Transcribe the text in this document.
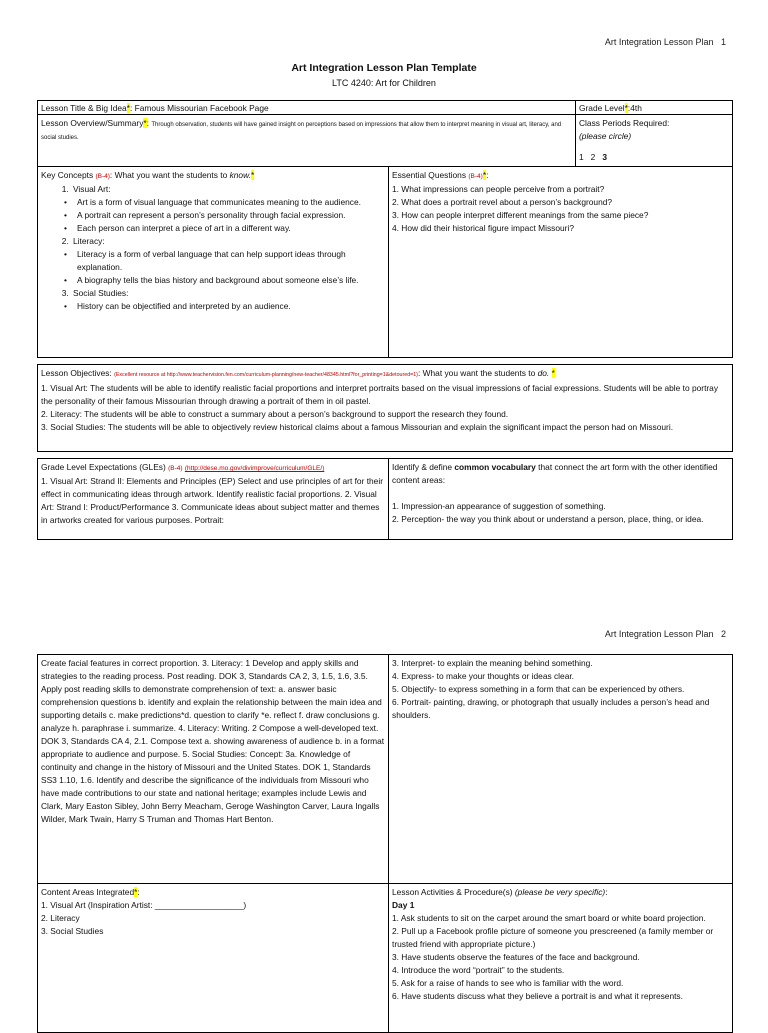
Art Integration Lesson Plan 1
Art Integration Lesson Plan Template
LTC 4240: Art for Children
Lesson Title & Big Idea*: Famous Missourian Facebook Page	Grade Level*:4th
Lesson Overview/Summary*: Through observation, students will have gained insight on perceptions based on impressions that allow them to interpret meaning in visual art, literacy, and social studies.

Class Periods Required:

(please circle)

1 2 3

Key Concepts (B-4): What you want the students to know.*

1. Visual Art:
• Art is a form of visual language that communicates meaning to the audience.
• A portrait can represent a person’s personality through facial expression.
• Each person can interpret a piece of art in a different way.
2. Literacy:
• Literacy is a form of verbal language that can help support ideas through explanation.
• A biography tells the bias history and background about someone else’s life.
3. Social Studies:
• History can be objectified and interpreted by an audience.

Essential Questions (B-4)*:

1. What impressions can people perceive from a portrait?

2. What does a portrait revel about a person’s background?

3. How can people interpret different meanings from the same piece?

4. How did their historical figure impact Missouri?

Lesson Objectives: (Excellent resource at http://www.teachervision.fen.com/curriculum-planning/new-teacher/48345.html?for_printing=1&detoured=1): What you want the students to do. *

1. Visual Art: The students will be able to identify realistic facial proportions and interpret portraits based on the visual impressions of facial expressions. Students will be able to portray the personality of their famous Missourian through drawing a portrait of them in oil pastel.

2. Literacy: The students will be able to construct a summary about a person’s background to support the research they found.

3. Social Studies: The students will be able to objectively review historical claims about a famous Missourian and explain the significant impact the person had on Missouri.

Grade Level Expectations (GLEs) (B-4) (http://dese.mo.gov/divimprove/curriculum/GLE/)

1. Visual Art: Strand II: Elements and Principles (EP) Select and use principles of art for their effect in communicating ideas through artwork. Identify realistic facial proportions. 2. Visual Art: Strand I: Product/Performance 3. Communicate ideas about subject matter and themes in artworks created for various purposes. Portrait:

Identify & define common vocabulary that connect the art form with the other identified content areas:

1. Impression-an appearance of suggestion of something.

2. Perception- the way you think about or understand a person, place, thing, or idea.

Art Integration Lesson Plan 2

Create facial features in correct proportion. 3. Literacy: 1 Develop and apply skills and strategies to the reading process. Post reading. DOK 3, Standards CA 2, 3, 1.5, 1.6, 3.5. Apply post reading skills to demonstrate comprehension of text: a. answer basic comprehension questions b. identify and explain the relationship between the main idea and supporting details c. make predictions*d. question to clarify *e. reflect f. draw conclusions g. analyze h. paraphrase i. summarize. 4. Literacy: Writing. 2 Compose a well-developed text. DOK 3, Standards CA 4, 2.1. Compose text a. showing awareness of audience b. in a format appropriate to audience and purpose. 5. Social Studies: Concept: 3a. Knowledge of continuity and change in the history of Missouri and the United States. DOK 1, Standards SS3 1.10, 1.6. Identify and describe the significance of the individuals from Missouri who have made contributions to our state and national heritage; examples include Lewis and Clark, Mary Easton Sibley, John Berry Meacham, Geroge Washington Carver, Laura Ingalls Wilder, Mark Twain, Harry S Truman and Thomas Hart Benton.

3. Interpret- to explain the meaning behind something.

4. Express- to make your thoughts or ideas clear.

5. Objectify- to express something in a form that can be experienced by others.

6. Portrait- painting, drawing, or photograph that usually includes a person’s head and shoulders.

Content Areas Integrated*:

1. Visual Art (Inspiration Artist: ___________________)

2. Literacy

3. Social Studies

Lesson Activities & Procedure(s) (please be very specific):

Day 1

1. Ask students to sit on the carpet around the smart board or white board projection.

2. Pull up a Facebook profile picture of someone you prescreened (a family member or trusted friend with appropriate picture.)

3. Have students observe the features of the face and background.

4. Introduce the word “portrait” to the students.

5. Ask for a raise of hands to see who is familiar with the word.

6. Have students discuss what they believe a portrait is and what it represents.
